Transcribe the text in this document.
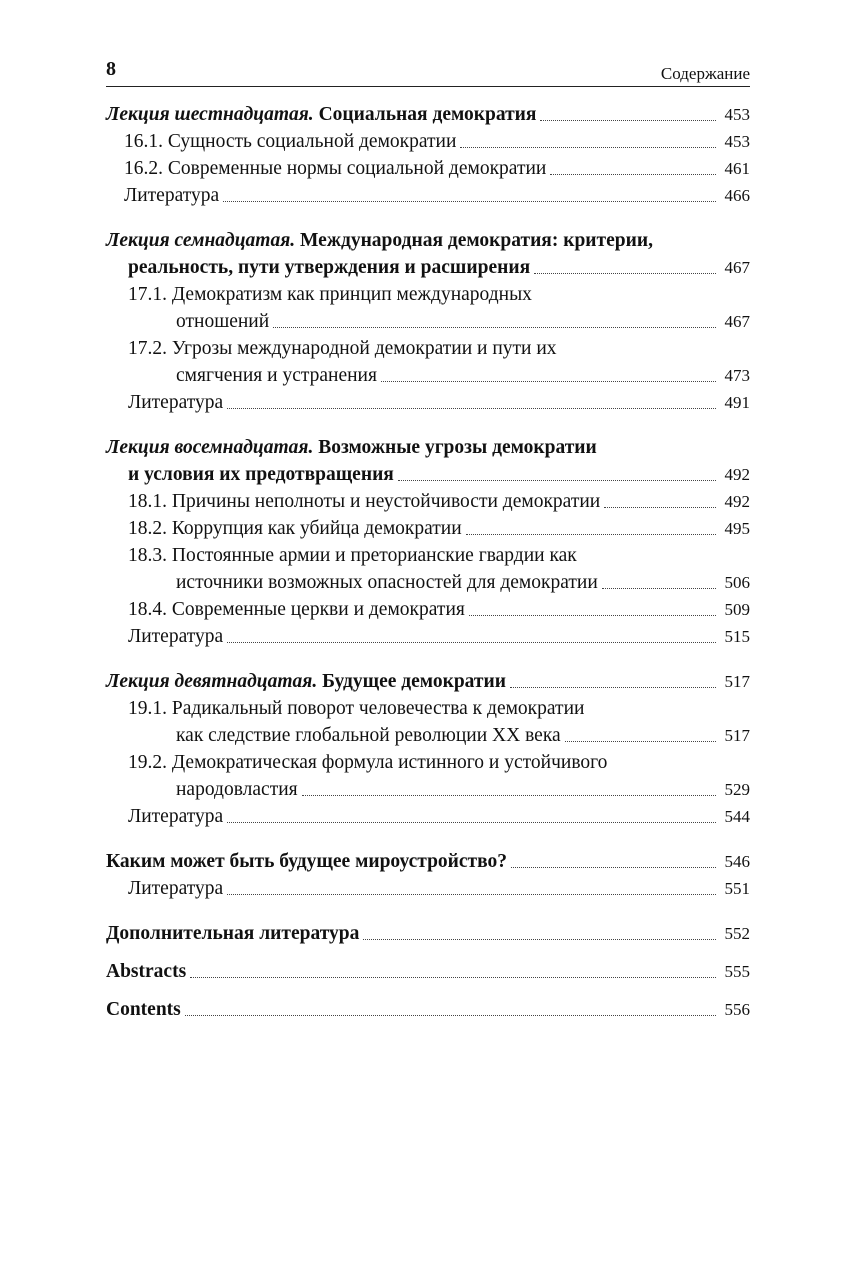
8	Содержание
Лекция шестнадцатая. Социальная демократия	453
16.1. Сущность социальной демократии	453
16.2. Современные нормы социальной демократии	461
Литература	466
Лекция семнадцатая. Международная демократия: критерии,
реальность, пути утверждения и расширения	467
17.1. Демократизм как принцип международных
отношений	467
17.2. Угрозы международной демократии и пути их
смягчения и устранения	473
Литература	491
Лекция восемнадцатая. Возможные угрозы демократии
и условия их предотвращения	492
18.1. Причины неполноты и неустойчивости демократии	492
18.2. Коррупция как убийца демократии	495
18.3. Постоянные армии и преторианские гвардии как
источники возможных опасностей для демократии	506
18.4. Современные церкви и демократия	509
Литература	515
Лекция девятнадцатая. Будущее демократии	517
19.1. Радикальный поворот человечества к демократии
как следствие глобальной революции XX века	517
19.2. Демократическая формула истинного и устойчивого
народовластия	529
Литература	544
Каким может быть будущее мироустройство?	546
Литература	551
Дополнительная литература	552
Abstracts	555
Contents	556
